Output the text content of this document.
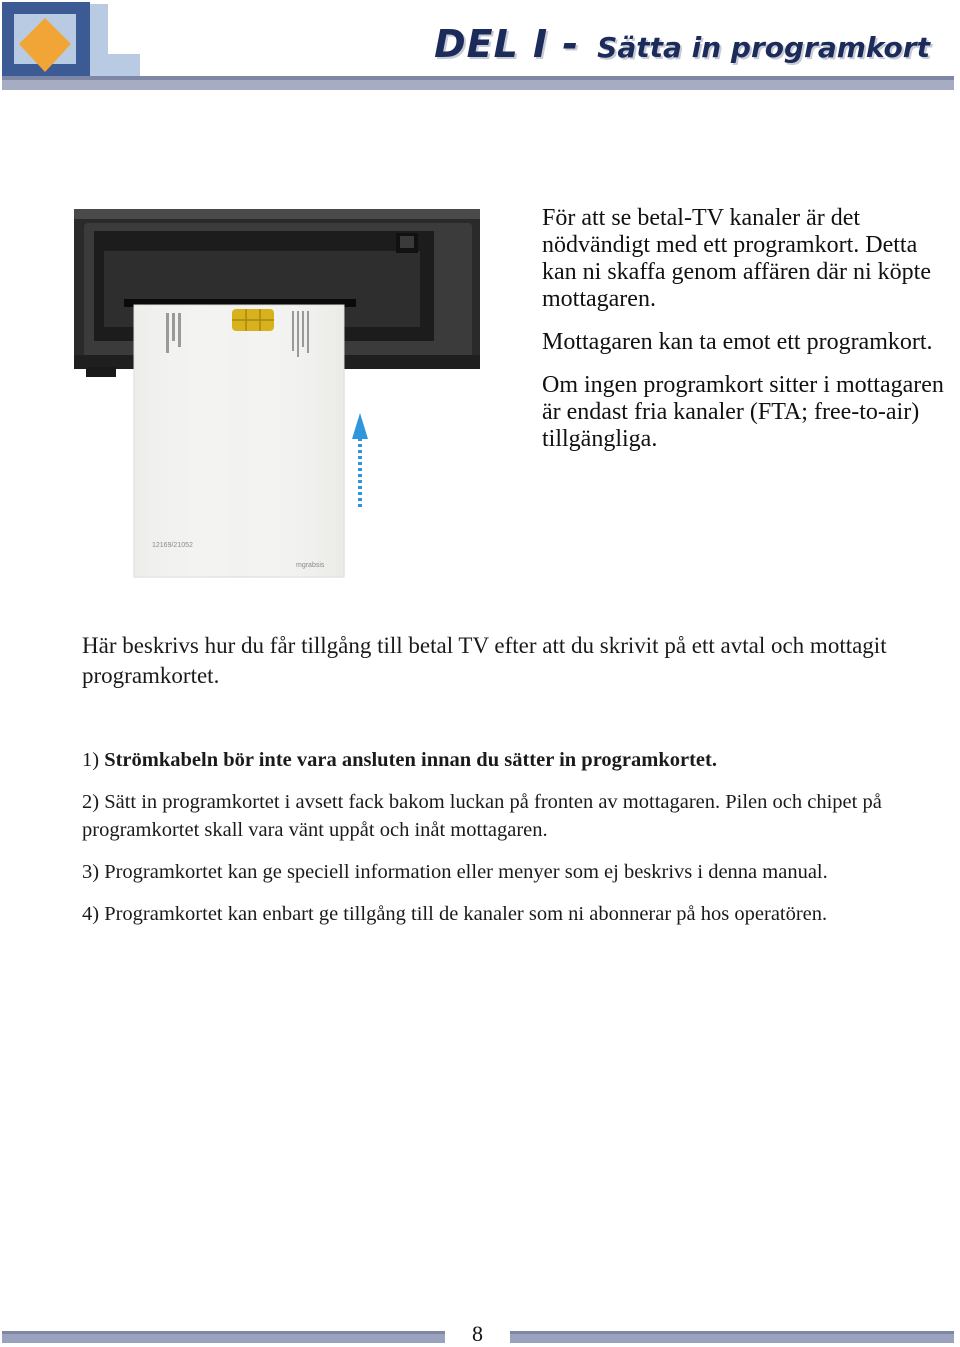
DEL I - Sätta in programkort
12169/21052
mgrabsis

För att se betal-TV kanaler är det nödvändigt med ett programkort. Detta kan ni skaffa genom affären där ni köpte mottagaren.

Mottagaren kan ta emot ett programkort.

Om ingen programkort sitter i mottagaren är endast fria kanaler (FTA; free-to-air) tillgängliga.

Här beskrivs hur du får tillgång till betal TV efter att du skrivit på ett avtal och mottagit programkortet.

1) Strömkabeln bör inte vara ansluten innan du sätter in programkortet.

2) Sätt in programkortet i avsett fack bakom luckan på fronten av mottagaren. Pilen och chipet på programkortet skall vara vänt uppåt och inåt mottagaren.

3) Programkortet kan ge speciell information eller menyer som ej beskrivs i denna manual.

4) Programkortet kan enbart ge tillgång till de kanaler som ni abonnerar på hos operatören.

8
